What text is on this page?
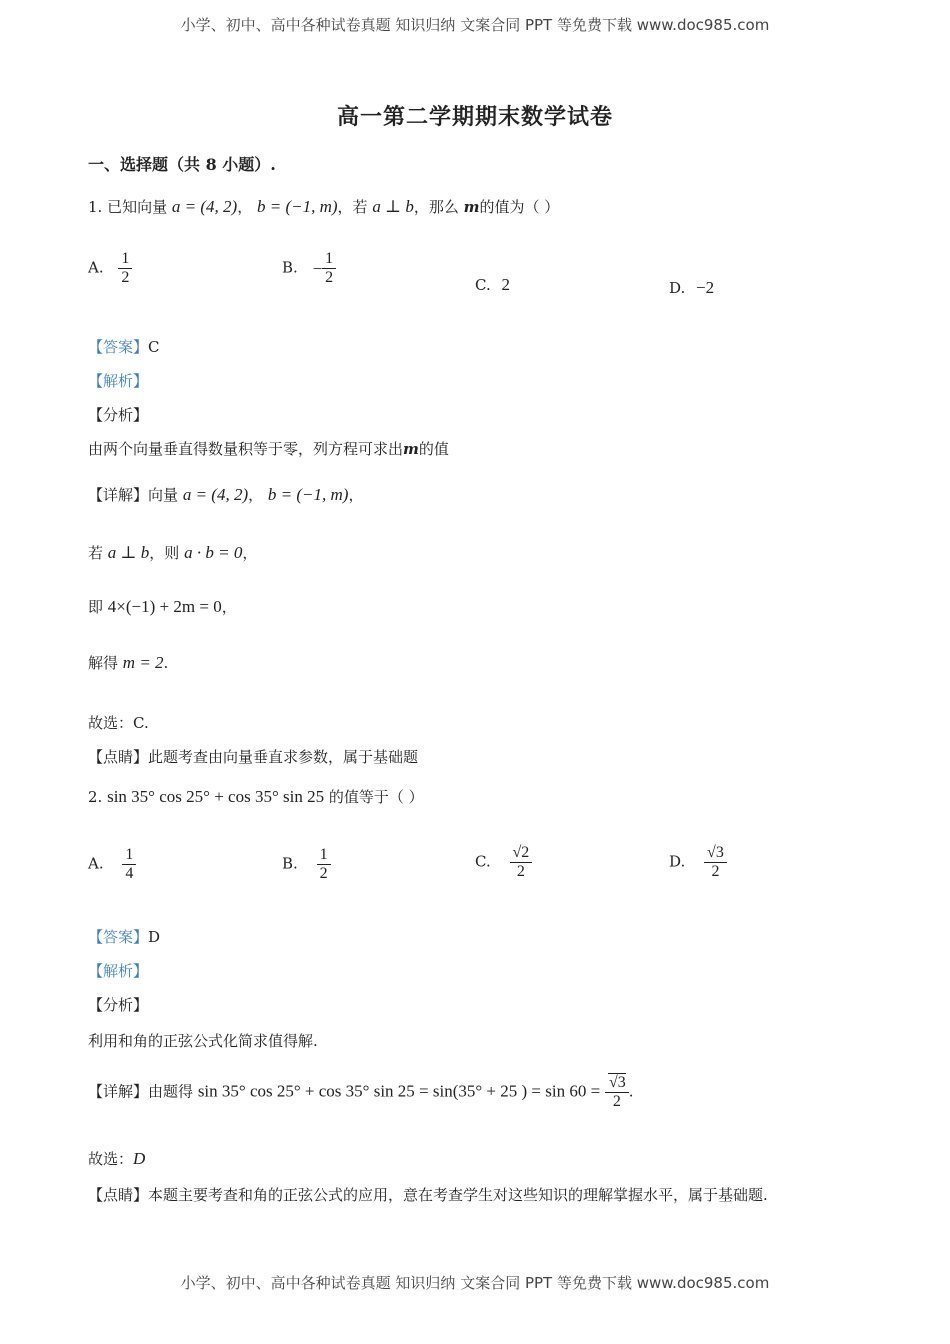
小学、初中、高中各种试卷真题 知识归纳 文案合同 PPT 等免费下载 www.doc985.com
高一第二学期期末数学试卷
一、选择题（共 8 小题）.
1. 已知向量 a = (4, 2)， b = (−1, m)，若 a ⊥ b，那么 m的值为（ ）
A. $\frac{1}{2}$	B. − $\frac{1}{2}$	C. 2	D. −2
【答案】C
【解析】
【分析】
由两个向量垂直得数量积等于零，列方程可求出m的值
【详解】向量 a = (4, 2)， b = (−1, m)，
若 a ⊥ b，则 a · b = 0，
即 4×(−1) + 2m = 0，
解得 m = 2.
故选：C.
【点睛】此题考查由向量垂直求参数，属于基础题
2. sin 35° cos 25° + cos 35° sin 25 的值等于（ ）
A. $\frac{1}{4}$	B. $\frac{1}{2}$	C. $\frac{√2}{2}$	D. $\frac{√3}{2}$
【答案】D
【解析】
【分析】
利用和角的正弦公式化简求值得解.
【详解】由题得 sin 35° cos 25° + cos 35° sin 25 = sin(35° + 25 ) = $\sin 60 = \frac{√3}{2}$ .
故选：D
【点睛】本题主要考查和角的正弦公式的应用，意在考查学生对这些知识的理解掌握水平，属于基础题.
小学、初中、高中各种试卷真题 知识归纳 文案合同 PPT 等免费下载 www.doc985.com
